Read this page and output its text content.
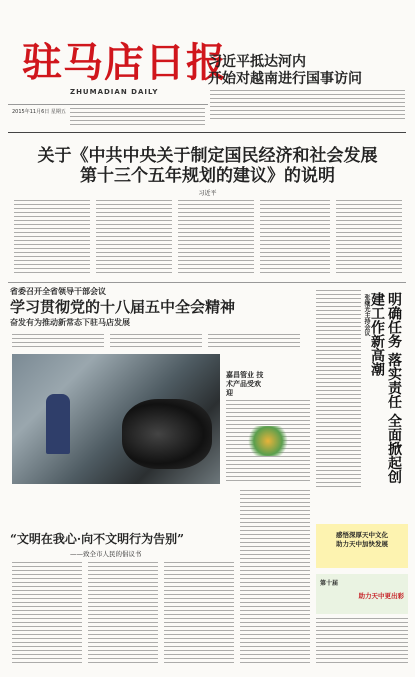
驻马店日报
ZHUMADIAN DAILY
习近平抵达河内
开始对越南进行国事访问
2015年11月6日 星期五
关于《中共中央关于制定国民经济和社会发展
第十三个五年规划的建议》的说明
习近平
省委召开全省领导干部会议
学习贯彻党的十八届五中全会精神
奋发有为推动新常态下驻马店发展	明确任务 落实责任 全面掀起创建工作新高潮
张继光主持会议
嘉昌管业 技术产品受欢迎
“文明在我心·向不文明行为告别”
——致全市人民的倡议书
感悟深厚天中文化
助力天中加快发展
第十届
助力天中更出彩
